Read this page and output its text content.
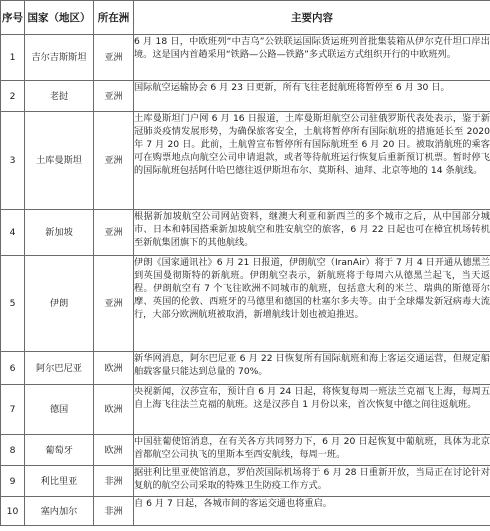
序号	国家（地区）	所在洲	主要内容
1	吉尔吉斯斯坦	亚洲	6 月 18 日，中欧班列“中吉乌”公铁联运国际货运班列首批集装箱从伊尔克什坦口岸出境。这是国内首趟采用“铁路—公路—铁路”多式联运方式组织开行的中欧班列。
2	老挝	亚洲	国际航空运输协会 6 月 23 日更新，所有飞往老挝航班将暂停至 6 月 30 日。
3	土库曼斯坦	亚洲	土库曼斯坦门户网 6 月 16 日报道，土库曼斯坦航空公司驻俄罗斯代表处表示，鉴于新冠肺炎疫情发展形势，为确保旅客安全，土航将暂停所有国际航班的措施延长至 2020 年 7 月 20 日。此前，土航曾宣布暂停所有国际航班至 6 月 20 日。被取消航班的乘客可在购票地点向航空公司申请退款，或者等待航班运行恢复后重新预订机票。暂时停飞的国际航班包括阿什哈巴德往返伊斯坦布尔、莫斯科、迪拜、北京等地的 14 条航线。
4	新加坡	亚洲	根据新加坡航空公司网站资料，继澳大利亚和新西兰的多个城市之后，从中国部分城市、日本和韩国搭乘新加坡航空和胜安航空的旅客，6 月 22 日起也可在樟宜机场转机至新航集团旗下的其他航线。
5	伊朗	亚洲	伊朗《国家通讯社》6 月 21 日报道，伊朗航空（IranAir）将于 7 月 4 日开通从德黑兰到英国曼彻斯特的新航班。伊朗航空表示，新航班将于每周六从德黑兰起飞，当天返程。伊朗航空有 7 个飞往欧洲不同城市的航班，包括意大利的米兰、瑞典的斯德哥尔摩、英国的伦敦、西班牙的马德里和德国的杜塞尔多夫等。由于全球爆发新冠病毒大流行，大部分欧洲航班被取消，新增航线计划也被迫推迟。
6	阿尔巴尼亚	欧洲	新华网消息，阿尔巴尼亚 6 月 22 日恢复所有国际航班和海上客运交通运营，但规定船舶载客量只能达到总量的 70%。
7	德国	欧洲	央视新闻，汉莎宣布，预计自 6 月 24 日起，将恢复每周一班法兰克福飞上海，每周五自上海飞往法兰克福的航班。这是汉莎自 1 月份以来，首次恢复中德之间往返航班。
8	葡萄牙	欧洲	中国驻葡使馆消息，在有关各方共同努力下，6 月 20 日起恢复中葡航班，具体为北京首都航空公司执飞的里斯本至西安航线，每周一班。
9	利比里亚	非洲	据驻利比里亚使馆消息，罗伯茨国际机场将于 6 月 28 日重新开放，当局正在讨论针对复航的航空公司采取的特殊卫生防疫工作方式。
10	塞内加尔	非洲	自 6 月 7 日起，各城市间的客运交通也将重启。
